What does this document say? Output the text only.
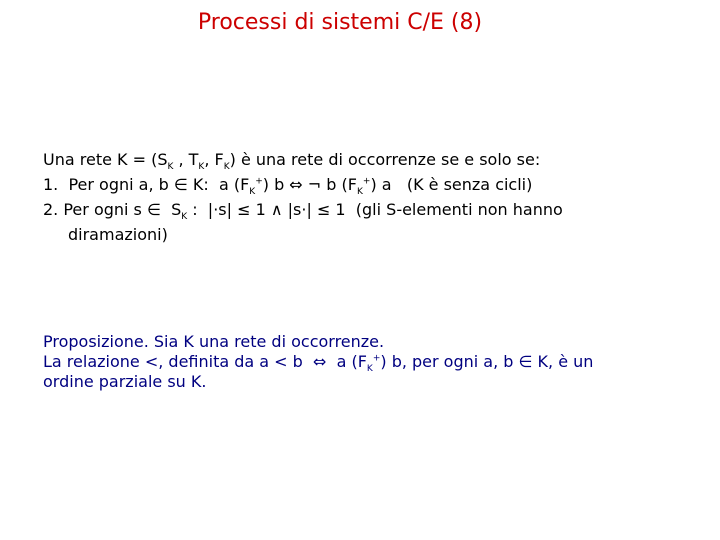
Processi di sistemi C/E (8)
Una rete $K = (S_K$ , $T_K$, $F_K$) è una rete di occorrenze se e solo se:
1.  Per ogni a, b ∈ K:  a $(F_K^+)$ b ⇔ ¬ b $(F_K^+)$ a   (K è senza cicli)
2. Per ogni s ∈  $S_K$ :  |·s| ≤ 1 ∧ |s·| ≤ 1  (gli S-elementi non hanno
diramazioni)
Proposizione. Sia K una rete di occorrenze.
La relazione <, definita da a < b  ⇔  a $(F_K^+)$ b, per ogni a, b ∈ K, è un
ordine parziale su K.
